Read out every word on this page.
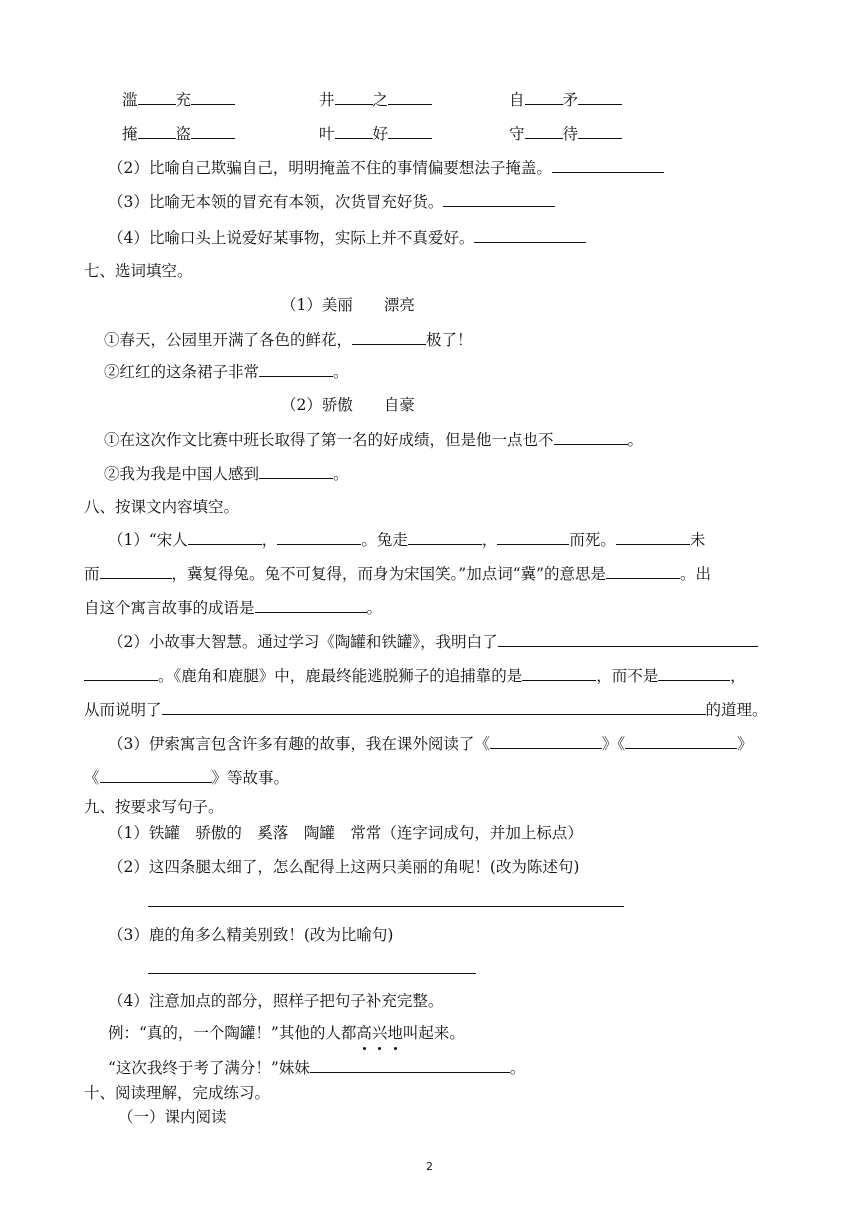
滥 充	井 之	自 矛
掩 盗	叶 好	守 待
（2）比喻自己欺骗自己，明明掩盖不住的事情偏要想法子掩盖。
（3）比喻无本领的冒充有本领，次货冒充好货。
（4）比喻口头上说爱好某事物，实际上并不真爱好。
七、选词填空。
（1）美丽　　漂亮
①春天，公园里开满了各色的鲜花，	极了！
②红红的这条裙子非常	。
（2）骄傲　　自豪
①在这次作文比赛中班长取得了第一名的好成绩，但是他一点也不	。
②我为我是中国人感到	。
八、按课文内容填空。
（1）“宋人	，	。兔走	，	而死。	未
而	，冀复得兔。兔不可复得，而身为宋国笑。”加点词“冀”的意思是	。出
自这个寓言故事的成语是	。
（2）小故事大智慧。通过学习《陶罐和铁罐》，我明白了
。《鹿角和鹿腿》中，鹿最终能逃脱狮子的追捕靠的是	，而不是	，
从而说明了	的道理。
（3）伊索寓言包含许多有趣的故事，我在课外阅读了《	》《	》
《	》等故事。
九、按要求写句子。
（1）铁罐　骄傲的　奚落　陶罐　常常（连字词成句，并加上标点）
（2）这四条腿太细了，怎么配得上这两只美丽的角呢！(改为陈述句)
（3）鹿的角多么精美别致！(改为比喻句)
（4）注意加点的部分，照样子把句子补充完整。
例：“真的，一个陶罐！”其他的人都高兴地叫起来。
“这次我终于考了满分！”妹妹	。
十、阅读理解，完成练习。
（一）课内阅读
2
